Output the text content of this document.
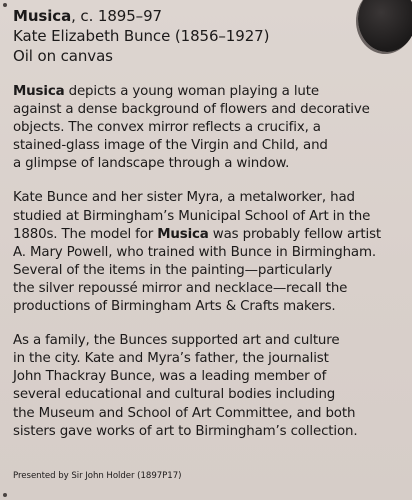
Musica, c. 1895–97
Kate Elizabeth Bunce (1856–1927)
Oil on canvas
Musica depicts a young woman playing a lute
against a dense background of flowers and decorative
objects. The convex mirror reflects a crucifix, a
stained-glass image of the Virgin and Child, and
a glimpse of landscape through a window.
Kate Bunce and her sister Myra, a metalworker, had
studied at Birmingham’s Municipal School of Art in the
1880s. The model for Musica was probably fellow artist
A. Mary Powell, who trained with Bunce in Birmingham.
Several of the items in the painting—particularly
the silver repoussé mirror and necklace—recall the
productions of Birmingham Arts & Crafts makers.
As a family, the Bunces supported art and culture
in the city. Kate and Myra’s father, the journalist
John Thackray Bunce, was a leading member of
several educational and cultural bodies including
the Museum and School of Art Committee, and both
sisters gave works of art to Birmingham’s collection.
Presented by Sir John Holder (1897P17)
